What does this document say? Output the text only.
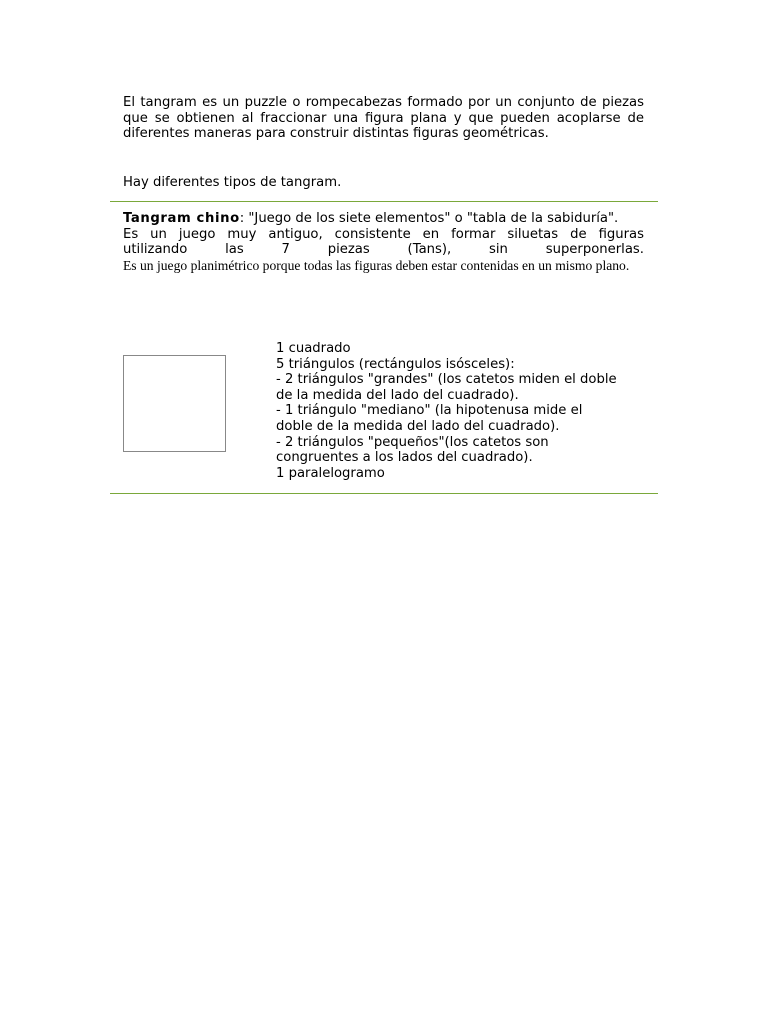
El tangram es un puzzle o rompecabezas formado por un conjunto de piezas que se obtienen al fraccionar una figura plana y que pueden acoplarse de diferentes maneras para construir distintas figuras geométricas.

Hay diferentes tipos de tangram.

Tangram chino: "Juego de los siete elementos" o "tabla de la sabiduría".
Es un juego muy antiguo, consistente en formar siluetas de figuras
utilizando las 7 piezas (Tans), sin superponerlas.
Es un juego planimétrico porque todas las figuras deben estar contenidas en un mismo plano.
1 cuadrado
5 triángulos (rectángulos isósceles):
- 2 triángulos "grandes" (los catetos miden el doble de la medida del lado del cuadrado).
- 1 triángulo "mediano" (la hipotenusa mide el doble de la medida del lado del cuadrado).
- 2 triángulos "pequeños"(los catetos son congruentes a los lados del cuadrado).
1 paralelogramo
